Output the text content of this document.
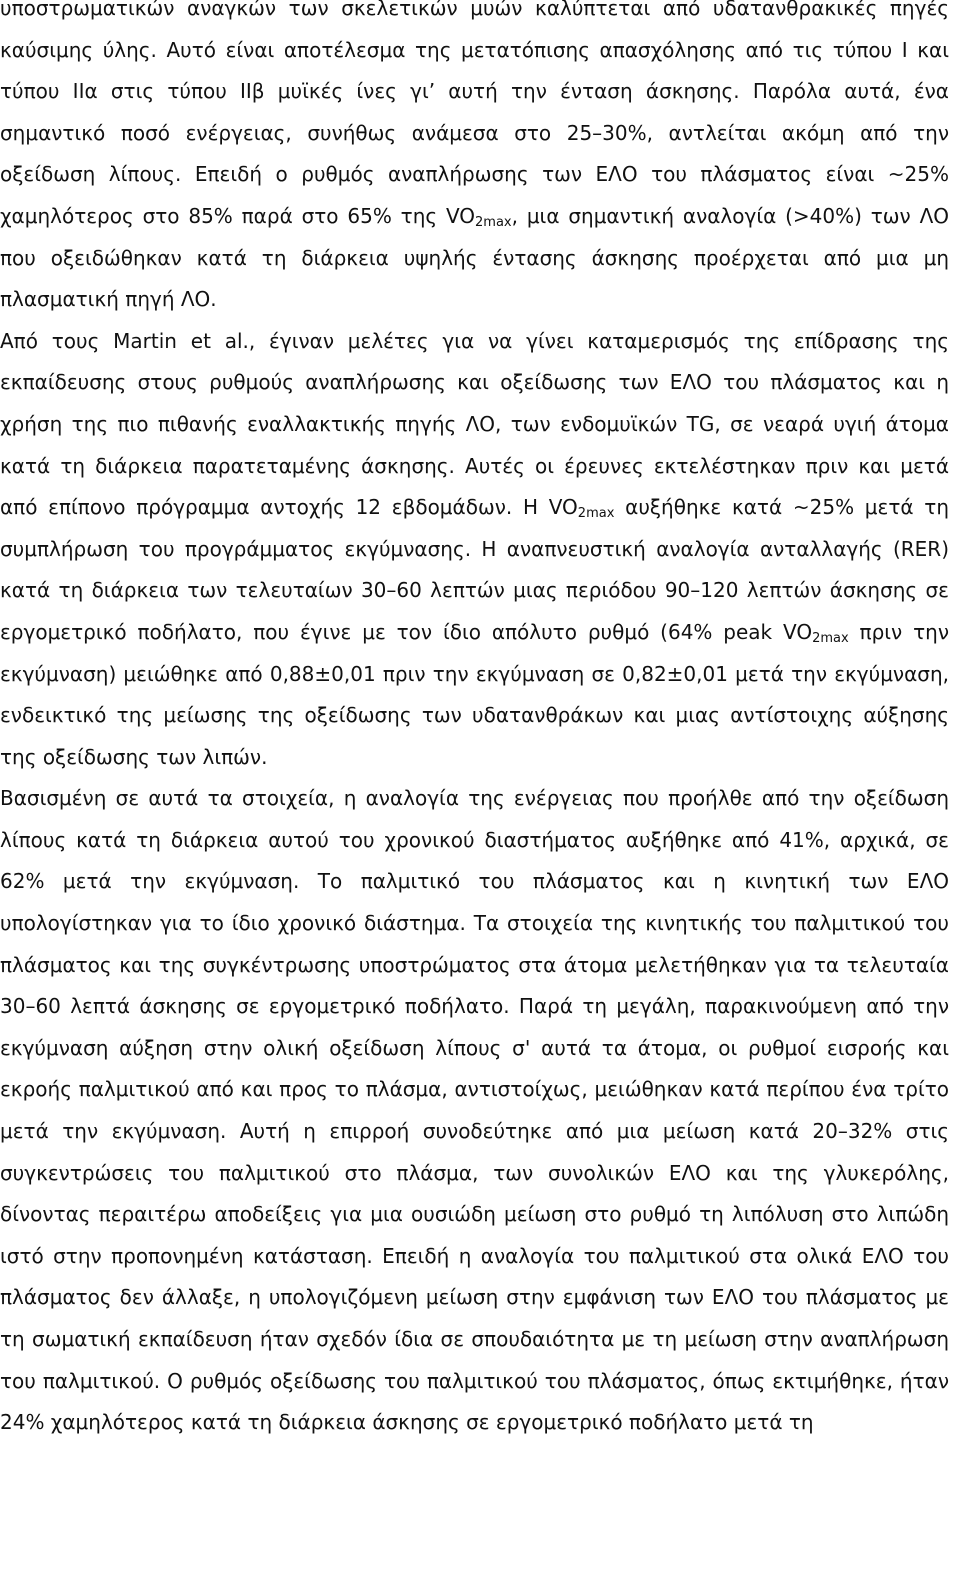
υποστρωματικών αναγκών των σκελετικών μυών καλύπτεται από υδατανθρακικές πηγές καύσιμης ύλης. Αυτό είναι αποτέλεσμα της μετατόπισης απασχόλησης από τις τύπου Ι και τύπου ΙΙα στις τύπου ΙΙβ μυϊκές ίνες γι’ αυτή την ένταση άσκησης. Παρόλα αυτά, ένα σημαντικό ποσό ενέργειας, συνήθως ανάμεσα στο 25–30%, αντλείται ακόμη από την οξείδωση λίπους. Επειδή ο ρυθμός αναπλήρωσης των ΕΛΟ του πλάσματος είναι ~25% χαμηλότερος στο 85% παρά στο 65% της $VO_{2max}$, μια σημαντική αναλογία (>40%) των ΛΟ που οξειδώθηκαν κατά τη διάρκεια υψηλής έντασης άσκησης προέρχεται από μια μη πλασματική πηγή ΛΟ.

Από τους Martin et al., έγιναν μελέτες για να γίνει καταμερισμός της επίδρασης της εκπαίδευσης στους ρυθμούς αναπλήρωσης και οξείδωσης των ΕΛΟ του πλάσματος και η χρήση της πιο πιθανής εναλλακτικής πηγής ΛΟ, των ενδομυϊκών TG, σε νεαρά υγιή άτομα κατά τη διάρκεια παρατεταμένης άσκησης. Αυτές οι έρευνες εκτελέστηκαν πριν και μετά από επίπονο πρόγραμμα αντοχής 12 εβδομάδων. Η $VO_{2max}$ αυξήθηκε κατά ~25% μετά τη συμπλήρωση του προγράμματος εκγύμνασης. Η αναπνευστική αναλογία ανταλλαγής (RER) κατά τη διάρκεια των τελευταίων 30–60 λεπτών μιας περιόδου 90–120 λεπτών άσκησης σε εργομετρικό ποδήλατο, που έγινε με τον ίδιο απόλυτο ρυθμό (64% peak $VO_{2max}$ πριν την εκγύμναση) μειώθηκε από 0,88±0,01 πριν την εκγύμναση σε 0,82±0,01 μετά την εκγύμναση, ενδεικτικό της μείωσης της οξείδωσης των υδατανθράκων και μιας αντίστοιχης αύξησης της οξείδωσης των λιπών.

Βασισμένη σε αυτά τα στοιχεία, η αναλογία της ενέργειας που προήλθε από την οξείδωση λίπους κατά τη διάρκεια αυτού του χρονικού διαστήματος αυξήθηκε από 41%, αρχικά, σε 62% μετά την εκγύμναση. Το παλμιτικό του πλάσματος και η κινητική των ΕΛΟ υπολογίστηκαν για το ίδιο χρονικό διάστημα. Τα στοιχεία της κινητικής του παλμιτικού του πλάσματος και της συγκέντρωσης υποστρώματος στα άτομα μελετήθηκαν για τα τελευταία 30–60 λεπτά άσκησης σε εργομετρικό ποδήλατο. Παρά τη μεγάλη, παρακινούμενη από την εκγύμναση αύξηση στην ολική οξείδωση λίπους σ' αυτά τα άτομα, οι ρυθμοί εισροής και εκροής παλμιτικού από και προς το πλάσμα, αντιστοίχως, μειώθηκαν κατά περίπου ένα τρίτο μετά την εκγύμναση. Αυτή η επιρροή συνοδεύτηκε από μια μείωση κατά 20–32% στις συγκεντρώσεις του παλμιτικού στο πλάσμα, των συνολικών ΕΛΟ και της γλυκερόλης, δίνοντας περαιτέρω αποδείξεις για μια ουσιώδη μείωση στο ρυθμό τη λιπόλυση στο λιπώδη ιστό στην προπονημένη κατάσταση. Επειδή η αναλογία του παλμιτικού στα ολικά ΕΛΟ του πλάσματος δεν άλλαξε, η υπολογιζόμενη μείωση στην εμφάνιση των ΕΛΟ του πλάσματος με τη σωματική εκπαίδευση ήταν σχεδόν ίδια σε σπουδαιότητα με τη μείωση στην αναπλήρωση του παλμιτικού. Ο ρυθμός οξείδωσης του παλμιτικού του πλάσματος, όπως εκτιμήθηκε, ήταν 24% χαμηλότερος κατά τη διάρκεια άσκησης σε εργομετρικό ποδήλατο μετά τη
